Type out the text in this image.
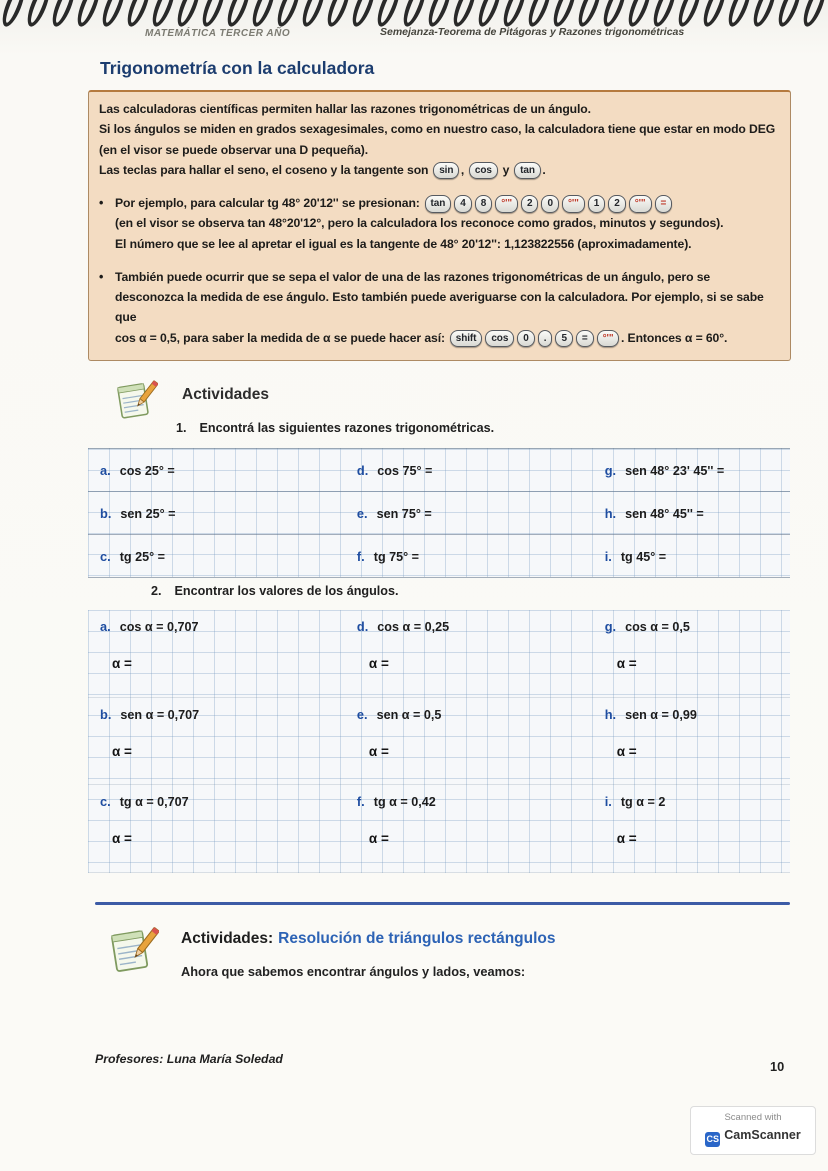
MATEMÁTICA TERCER AÑO	Semejanza-Teorema de Pitágoras y Razones trigonométricas
Trigonometría con la calculadora

Las calculadoras científicas permiten hallar las razones trigonométricas de un ángulo.

Si los ángulos se miden en grados sexagesimales, como en nuestro caso, la calculadora tiene que estar en modo DEG (en el visor se puede observar una D pequeña).

Las teclas para hallar el seno, el coseno y la tangente son sin , cos y tan .

• Por ejemplo, para calcular tg 48° 20'12'' se presionan: tan 4 8 °'" 2 0 °'" 1 2 °'" =

(en el visor se observa tan 48°20'12°, pero la calculadora los reconoce como grados, minutos y segundos).

El número que se lee al apretar el igual es la tangente de 48° 20'12'': 1,123822556 (aproximadamente).

• También puede ocurrir que se sepa el valor de una de las razones trigonométricas de un ángulo, pero se desconozca la medida de ese ángulo. Esto también puede averiguarse con la calculadora. Por ejemplo, si se sabe que

cos α = 0,5, para saber la medida de α se puede hacer así: shift cos 0 . 5 = °'" . Entonces α = 60°.

Actividades

1. Encontrá las siguientes razones trigonométricas.

a. cos 25° =	d. cos 75° =	g. sen 48° 23' 45'' =
b. sen 25° =	e. sen 75° =	h. sen 48° 45'' =
c. tg 25° =	f. tg 75° =	i. tg 45° =

2. Encontrar los valores de los ángulos.

a. cos α = 0,707
α =
d. cos α = 0,25
α =
g. cos α = 0,5
α =
b. sen α = 0,707
α =
e. sen α = 0,5
α =
h. sen α = 0,99
α =
c. tg α = 0,707
α =
f. tg α = 0,42
α =
i. tg α = 2
α =

Actividades: Resolución de triángulos rectángulos

Ahora que sabemos encontrar ángulos y lados, veamos:

Profesores: Luna María Soledad	10
Scanned with
CS CamScanner
